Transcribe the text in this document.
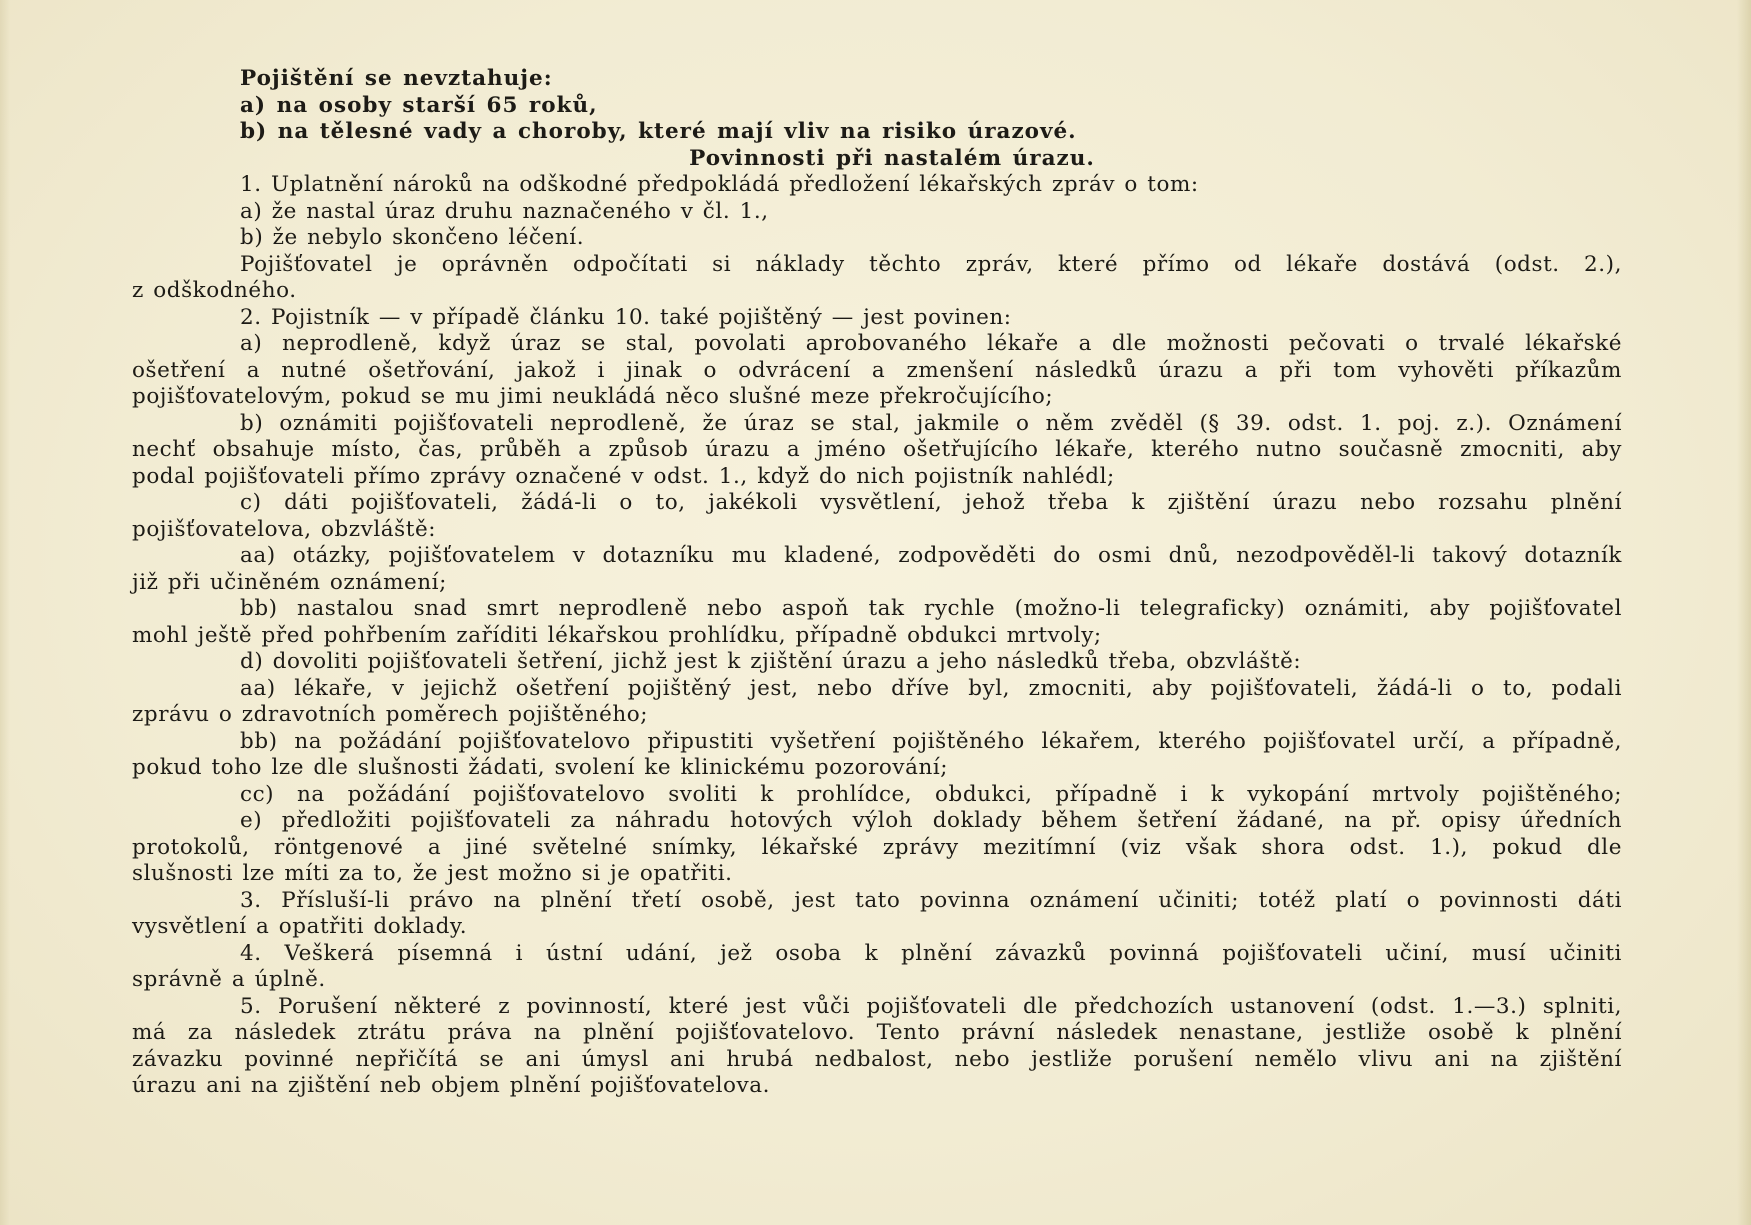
Pojištění se nevztahuje:
a) na osoby starší 65 roků,
b) na tělesné vady a choroby, které mají vliv na risiko úrazové.
Povinnosti při nastalém úrazu.
1. Uplatnění nároků na odškodné předpokládá předložení lékařských zpráv o tom:
a) že nastal úraz druhu naznačeného v čl. 1.,
b) že nebylo skončeno léčení.
Pojišťovatel je oprávněn odpočítati si náklady těchto zpráv, které přímo od lékaře dostává (odst. 2.),
z odškodného.
2. Pojistník — v případě článku 10. také pojištěný — jest povinen:
a) neprodleně, když úraz se stal, povolati aprobovaného lékaře a dle možnosti pečovati o trvalé lékařské
ošetření a nutné ošetřování, jakož i jinak o odvrácení a zmenšení následků úrazu a při tom vyhověti příkazům
pojišťovatelovým, pokud se mu jimi neukládá něco slušné meze překročujícího;
b) oznámiti pojišťovateli neprodleně, že úraz se stal, jakmile o něm zvěděl (§ 39. odst. 1. poj. z.). Oznámení
nechť obsahuje místo, čas, průběh a způsob úrazu a jméno ošetřujícího lékaře, kterého nutno současně zmocniti, aby
podal pojišťovateli přímo zprávy označené v odst. 1., když do nich pojistník nahlédl;
c) dáti pojišťovateli, žádá-li o to, jakékoli vysvětlení, jehož třeba k zjištění úrazu nebo rozsahu plnění
pojišťovatelova, obzvláště:
aa) otázky, pojišťovatelem v dotazníku mu kladené, zodpověděti do osmi dnů, nezodpověděl-li takový dotazník
již při učiněném oznámení;
bb) nastalou snad smrt neprodleně nebo aspoň tak rychle (možno-li telegraficky) oznámiti, aby pojišťovatel
mohl ještě před pohřbením zaříditi lékařskou prohlídku, případně obdukci mrtvoly;
d) dovoliti pojišťovateli šetření, jichž jest k zjištění úrazu a jeho následků třeba, obzvláště:
aa) lékaře, v jejichž ošetření pojištěný jest, nebo dříve byl, zmocniti, aby pojišťovateli, žádá-li o to, podali
zprávu o zdravotních poměrech pojištěného;
bb) na požádání pojišťovatelovo připustiti vyšetření pojištěného lékařem, kterého pojišťovatel určí, a případně,
pokud toho lze dle slušnosti žádati, svolení ke klinickému pozorování;
cc) na požádání pojišťovatelovo svoliti k prohlídce, obdukci, případně i k vykopání mrtvoly pojištěného;
e) předložiti pojišťovateli za náhradu hotových výloh doklady během šetření žádané, na př. opisy úředních
protokolů, röntgenové a jiné světelné snímky, lékařské zprávy mezitímní (viz však shora odst. 1.), pokud dle
slušnosti lze míti za to, že jest možno si je opatřiti.
3. Přísluší-li právo na plnění třetí osobě, jest tato povinna oznámení učiniti; totéž platí o povinnosti dáti
vysvětlení a opatřiti doklady.
4. Veškerá písemná i ústní udání, jež osoba k plnění závazků povinná pojišťovateli učiní, musí učiniti
správně a úplně.
5. Porušení některé z povinností, které jest vůči pojišťovateli dle předchozích ustanovení (odst. 1.—3.) splniti,
má za následek ztrátu práva na plnění pojišťovatelovo. Tento právní následek nenastane, jestliže osobě k plnění
závazku povinné nepřičítá se ani úmysl ani hrubá nedbalost, nebo jestliže porušení nemělo vlivu ani na zjištění
úrazu ani na zjištění neb objem plnění pojišťovatelova.
